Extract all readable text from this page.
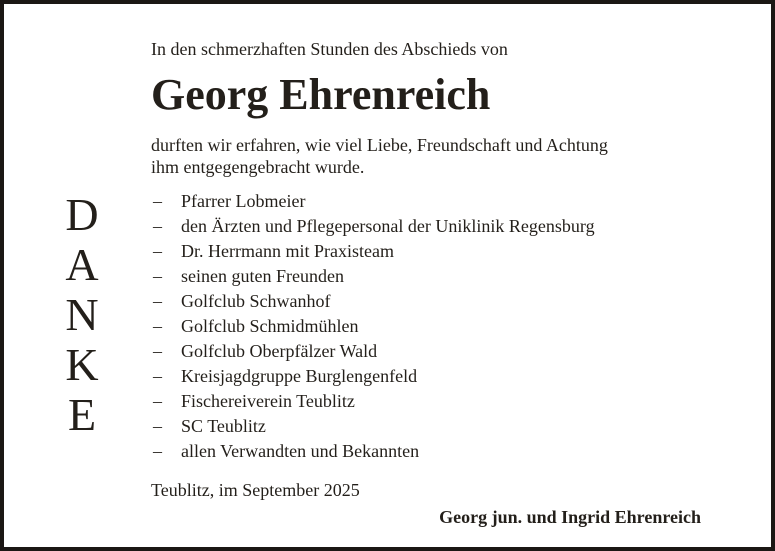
D
A
N
K
E
In den schmerzhaften Stunden des Abschieds von
Georg Ehrenreich
durften wir erfahren, wie viel Liebe, Freundschaft und Achtung
ihm entgegengebracht wurde.
–	Pfarrer Lobmeier
–	den Ärzten und Pflegepersonal der Uniklinik Regensburg
–	Dr. Herrmann mit Praxisteam
–	seinen guten Freunden
–	Golfclub Schwanhof
–	Golfclub Schmidmühlen
–	Golfclub Oberpfälzer Wald
–	Kreisjagdgruppe Burglengenfeld
–	Fischereiverein Teublitz
–	SC Teublitz
–	allen Verwandten und Bekannten
Teublitz, im September 2025
Georg jun. und Ingrid Ehrenreich
